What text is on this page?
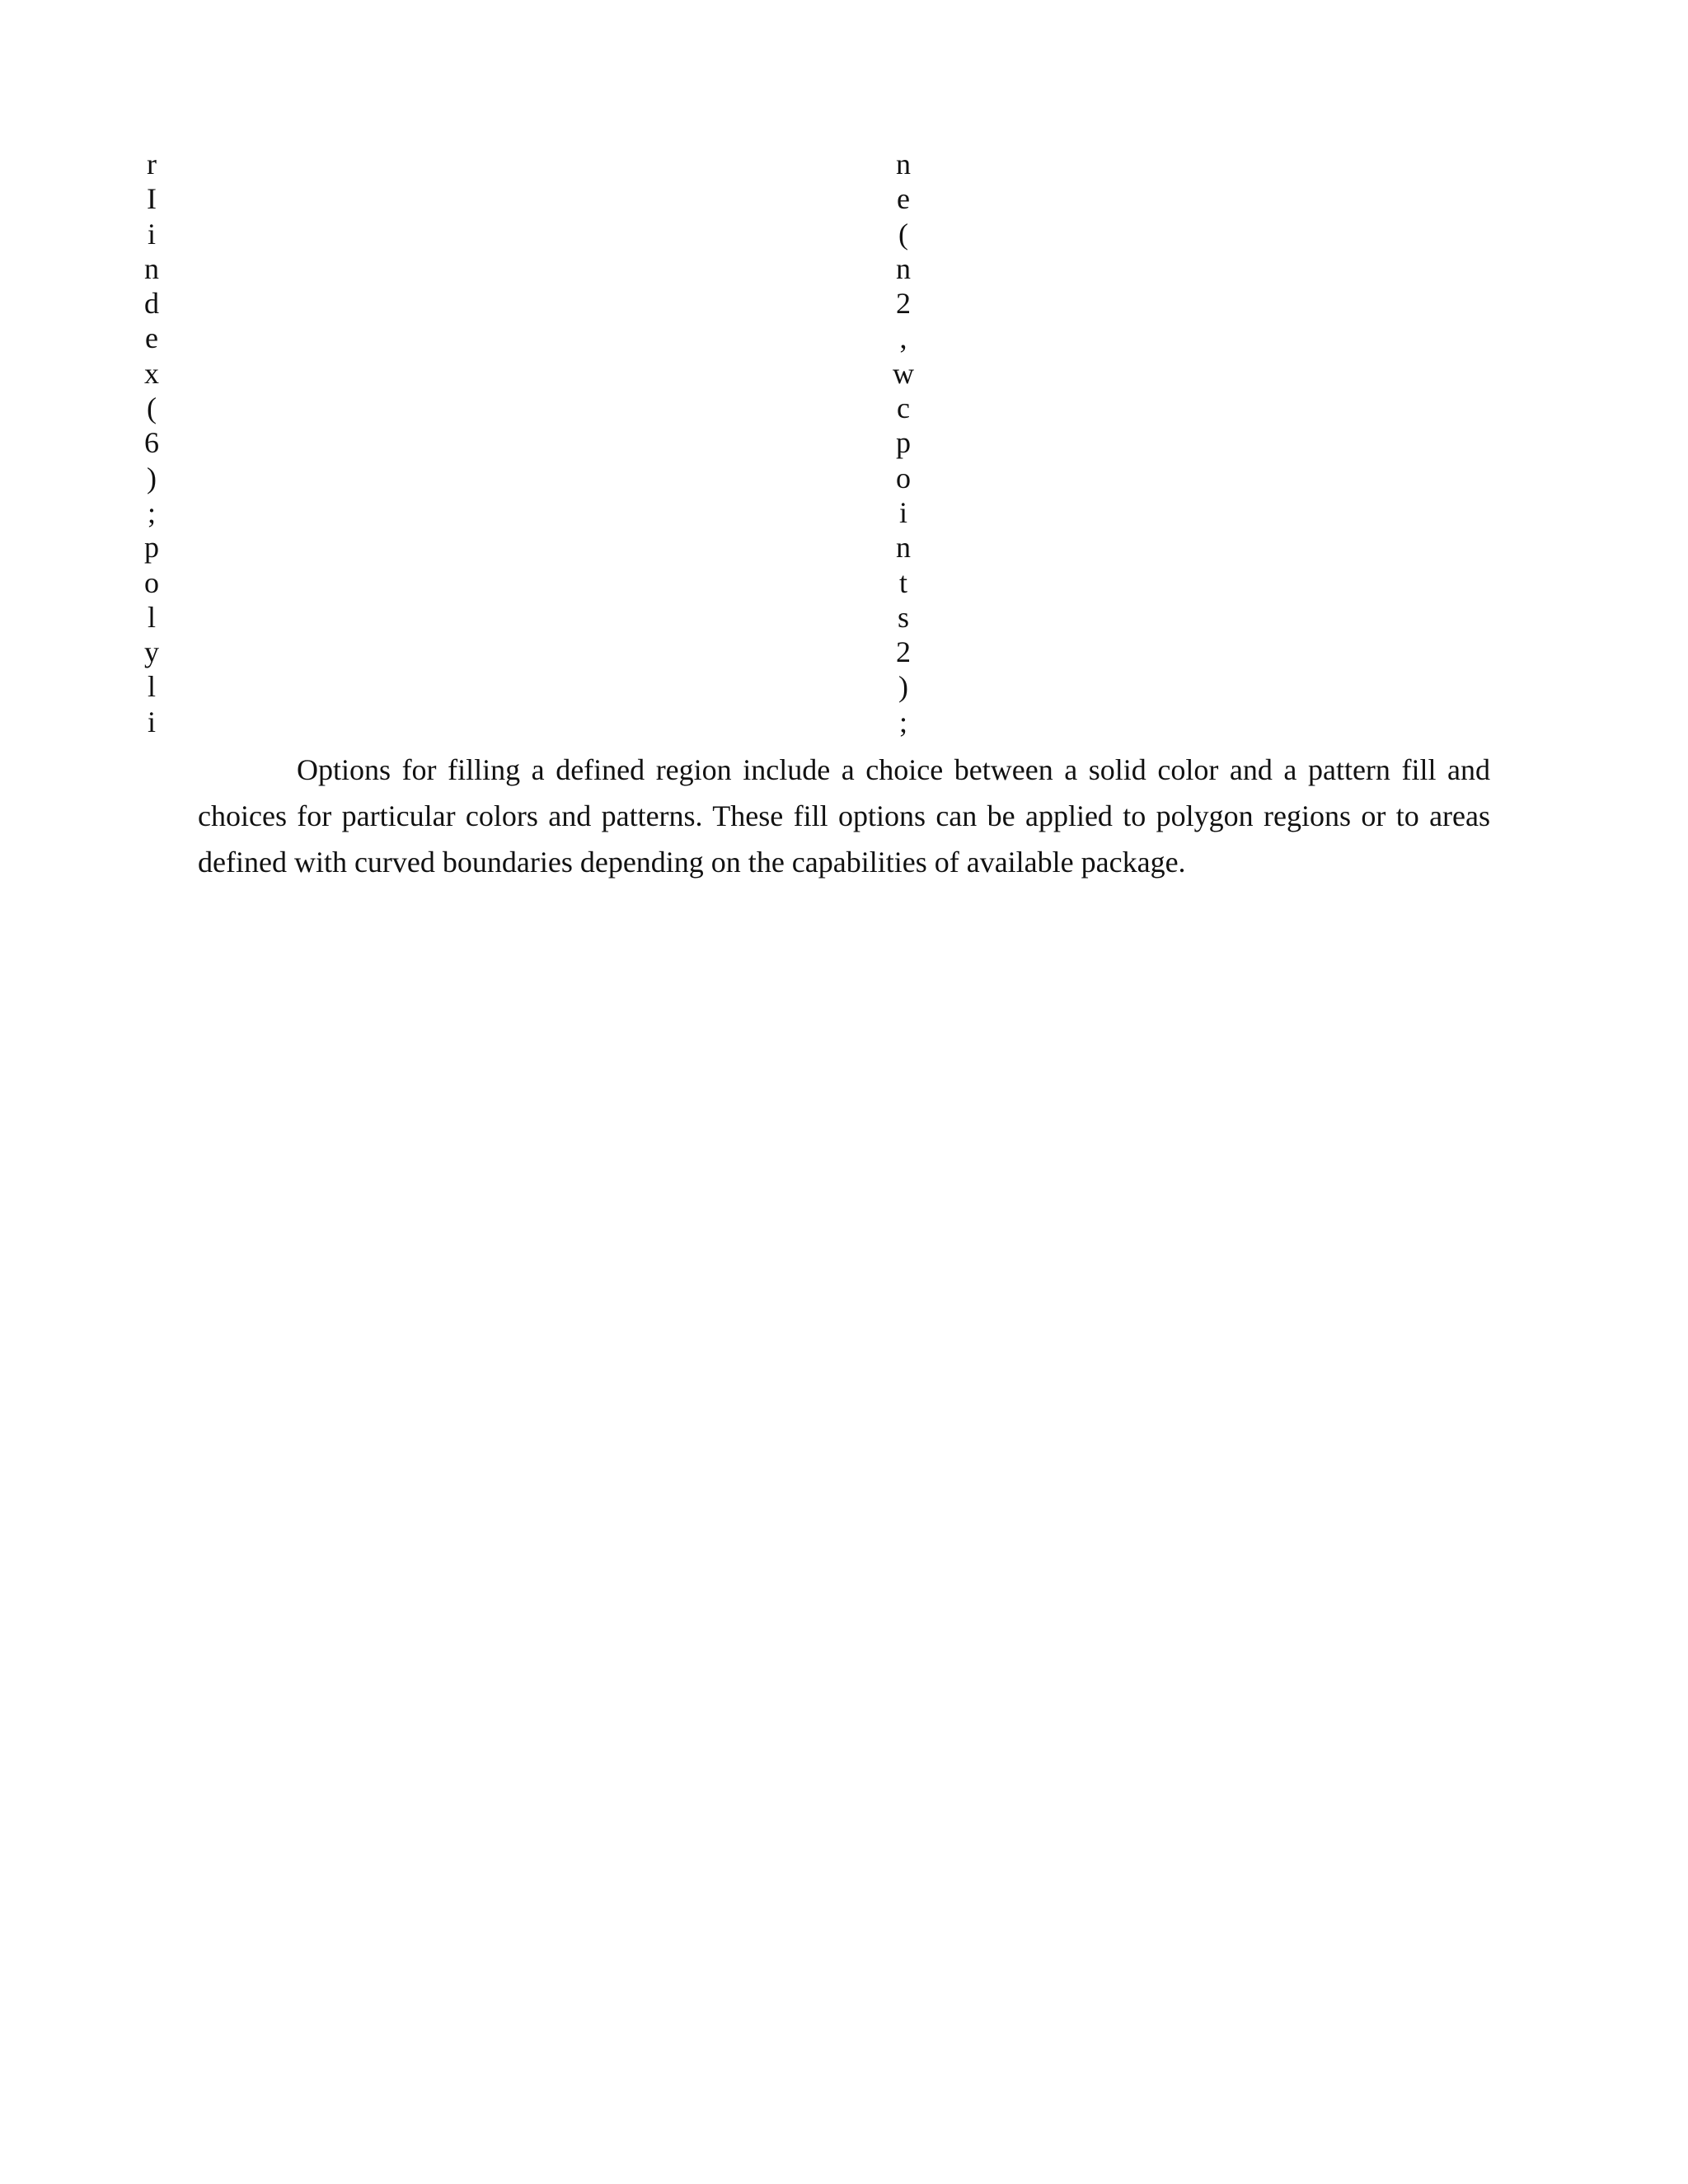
r
I
i
n
d
e
x
(
6
)
;
p
o
l
y
l
i
n
e
(
n
2
,
w
c
p
o
i
n
t
s
2
)
;

Options for filling a defined region include a choice between a solid color and a pattern fill and choices for particular colors and patterns. These fill options can be applied to polygon regions or to areas defined with curved boundaries depending on the capabilities of available package.
